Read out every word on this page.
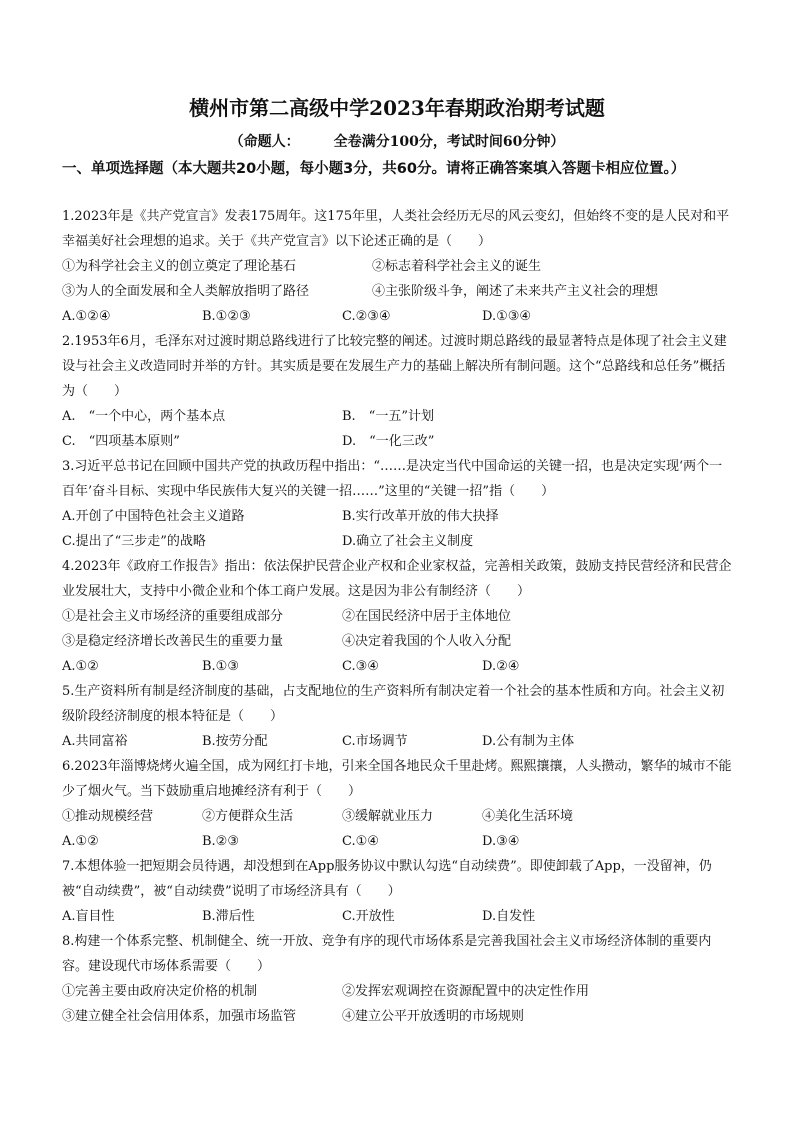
横州市第二高级中学2023年春期政治期考试题
（命题人： 全卷满分100分，考试时间60分钟）
一、单项选择题（本大题共20小题，每小题3分，共60分。请将正确答案填入答题卡相应位置。）
1.2023年是《共产党宣言》发表175周年。这175年里，人类社会经历无尽的风云变幻，但始终不变的是人民对和平幸福美好社会理想的追求。关于《共产党宣言》以下论述正确的是（　　）
①为科学社会主义的创立奠定了理论基石	②标志着科学社会主义的诞生
③为人的全面发展和全人类解放指明了路径	④主张阶级斗争，阐述了未来共产主义社会的理想
A.①②④	B.①②③	C.②③④	D.①③④
2.1953年6月，毛泽东对过渡时期总路线进行了比较完整的阐述。过渡时期总路线的最显著特点是体现了社会主义建设与社会主义改造同时并举的方针。其实质是要在发展生产力的基础上解决所有制问题。这个“总路线和总任务”概括为（　　）
A.　“一个中心，两个基本点	B.　“一五”计划
C.　“四项基本原则”	D.　“一化三改”
3.习近平总书记在回顾中国共产党的执政历程中指出：“……是决定当代中国命运的关键一招，也是决定实现‘两个一百年’奋斗目标、实现中华民族伟大复兴的关键一招……”这里的“关键一招”指（　　）
A.开创了中国特色社会主义道路	B.实行改革开放的伟大抉择
C.提出了“三步走”的战略	D.确立了社会主义制度
4.2023年《政府工作报告》指出：依法保护民营企业产权和企业家权益，完善相关政策，鼓励支持民营经济和民营企业发展壮大，支持中小微企业和个体工商户发展。这是因为非公有制经济（　　）
①是社会主义市场经济的重要组成部分	②在国民经济中居于主体地位
③是稳定经济增长改善民生的重要力量	④决定着我国的个人收入分配
A.①②	B.①③	C.③④	D.②④
5.生产资料所有制是经济制度的基础，占支配地位的生产资料所有制决定着一个社会的基本性质和方向。社会主义初级阶段经济制度的根本特征是（　　）
A.共同富裕	B.按劳分配	C.市场调节	D.公有制为主体
6.2023年淄博烧烤火遍全国，成为网红打卡地，引来全国各地民众千里赴烤。熙熙攘攘，人头攒动，繁华的城市不能少了烟火气。当下鼓励重启地摊经济有利于（　　）
①推动规模经营	②方便群众生活	③缓解就业压力	④美化生活环境
A.①②	B.②③	C.①④	D.③④
7.本想体验一把短期会员待遇，却没想到在App服务协议中默认勾选“自动续费”。即使卸载了App，一没留神，仍被“自动续费”，被“自动续费”说明了市场经济具有（　　）
A.盲目性	B.滞后性	C.开放性	D.自发性
8.构建一个体系完整、机制健全、统一开放、竞争有序的现代市场体系是完善我国社会主义市场经济体制的重要内容。建设现代市场体系需要（　　）
①完善主要由政府决定价格的机制	②发挥宏观调控在资源配置中的决定性作用
③建立健全社会信用体系，加强市场监管	④建立公平开放透明的市场规则
